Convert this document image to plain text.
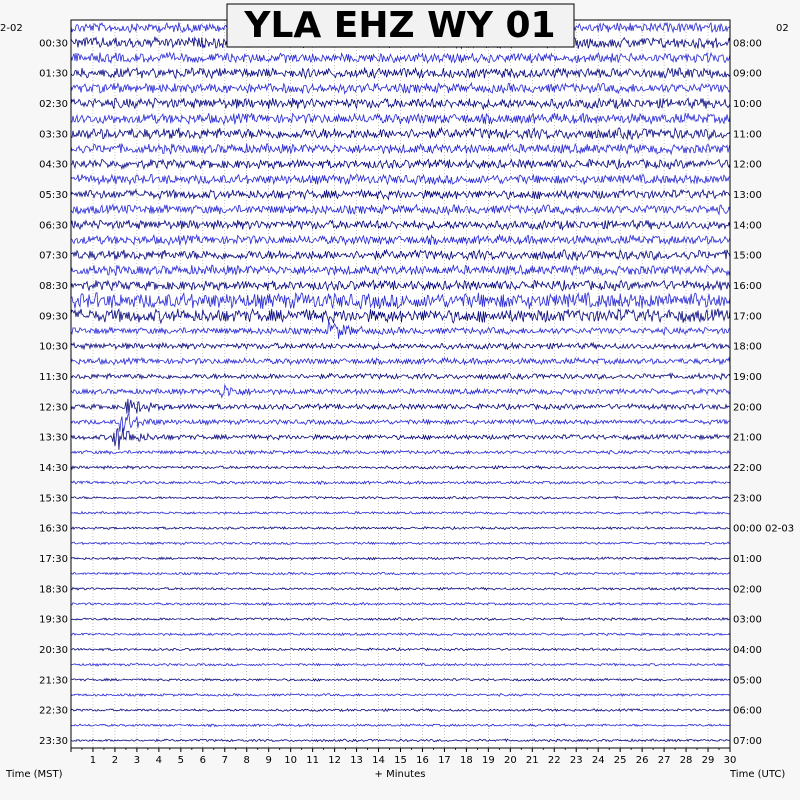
00:30
01:30
02:30
03:30
04:30
05:30
06:30
07:30
08:30
09:30
10:30
11:30
12:30
13:30
14:30
15:30
16:30
17:30
18:30
19:30
20:30
21:30
22:30
23:30
08:00
09:00
10:00
11:00
12:00
13:00
14:00
15:00
16:00
17:00
18:00
19:00
20:00
21:00
22:00
23:00
00:00 02-03
01:00
02:00
03:00
04:00
05:00
06:00
07:00
1 2 3 4 5 6 7 8 9 10 11 12 13 14 15 16 17 18 19 20 21 22 23 24 25 26 27 28 29 30
2-02	02
Time (MST)	+ Minutes	Time (UTC)
YLA EHZ WY 01
